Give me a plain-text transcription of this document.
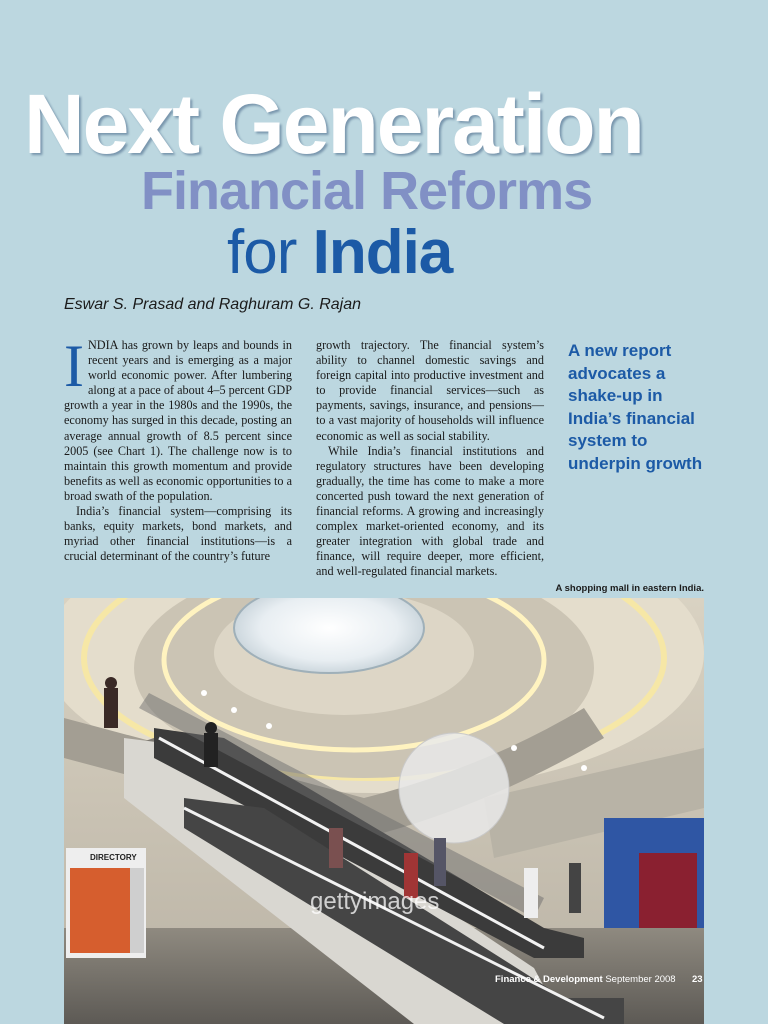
Next Generation
Financial Reforms
for India
Eswar S. Prasad and Raghuram G. Rajan
I NDIA has grown by leaps and bounds in recent years and is emerging as a major world economic power. After lumbering along at a pace of about 4–5 percent GDP growth a year in the 1980s and the 1990s, the economy has surged in this decade, posting an average annual growth of 8.5 percent since 2005 (see Chart 1). The challenge now is to maintain this growth momentum and provide benefits as well as economic opportunities to a broad swath of the population.

India’s financial system—comprising its banks, equity markets, bond markets, and myriad other financial institutions—is a crucial determinant of the country’s future

growth trajectory. The financial system’s ability to channel domestic savings and foreign capital into productive investment and to provide financial services—such as payments, savings, insurance, and pensions—to a vast majority of households will influence economic as well as social stability.

While India’s financial institutions and regulatory structures have been developing gradually, the time has come to make a more concerted push toward the next generation of financial reforms. A growing and increasingly complex market-oriented economy, and its greater integration with global trade and finance, will require deeper, more efficient, and well-regulated financial markets.

A new report advocates a shake-up in India’s financial system to underpin growth
A shopping mall in eastern India.
DIRECTORY
gettyimages
Finance & Development September 2008 23
